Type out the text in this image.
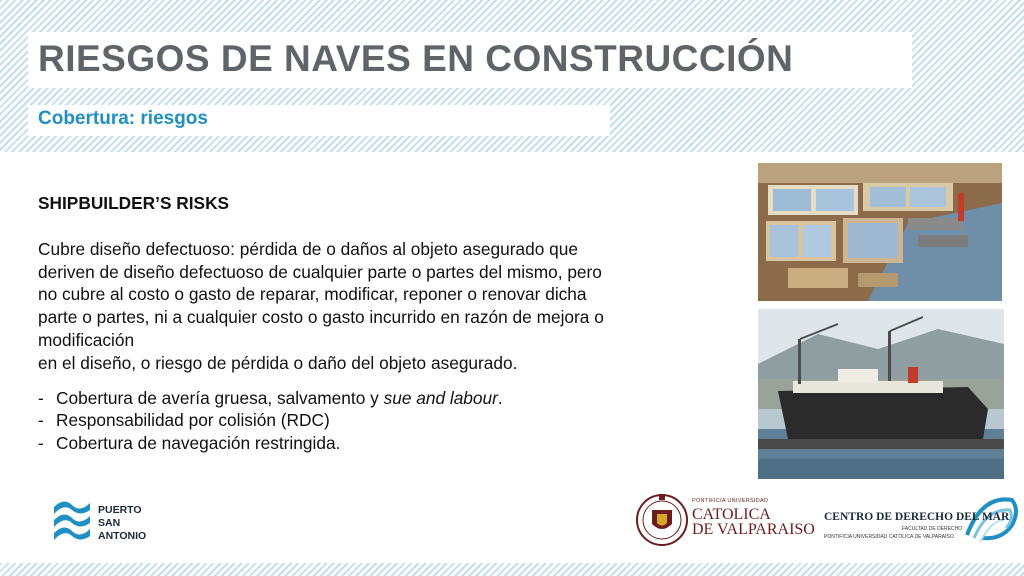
RIESGOS DE NAVES EN CONSTRUCCIÓN
Cobertura: riesgos
SHIPBUILDER’S RISKS
Cubre diseño defectuoso: pérdida de o daños al objeto asegurado que
deriven de diseño defectuoso de cualquier parte o partes del mismo, pero
no cubre al costo o gasto de reparar, modificar, reponer o renovar dicha
parte o partes, ni a cualquier costo o gasto incurrido en razón de mejora o
modificación
en el diseño, o riesgo de pérdida o daño del objeto asegurado.
- Cobertura de avería gruesa, salvamento y sue and labour.
- Responsabilidad por colisión (RDC)
- Cobertura de navegación restringida.
PUERTO
SAN
ANTONIO
PONTIFICIA UNIVERSIDAD
CATOLICA
DE VALPARAISO
CENTRO DE DERECHO DEL MAR
FACULTAD DE DERECHO
PONTIFICIA UNIVERSIDAD CATÓLICA DE VALPARAÍSO
